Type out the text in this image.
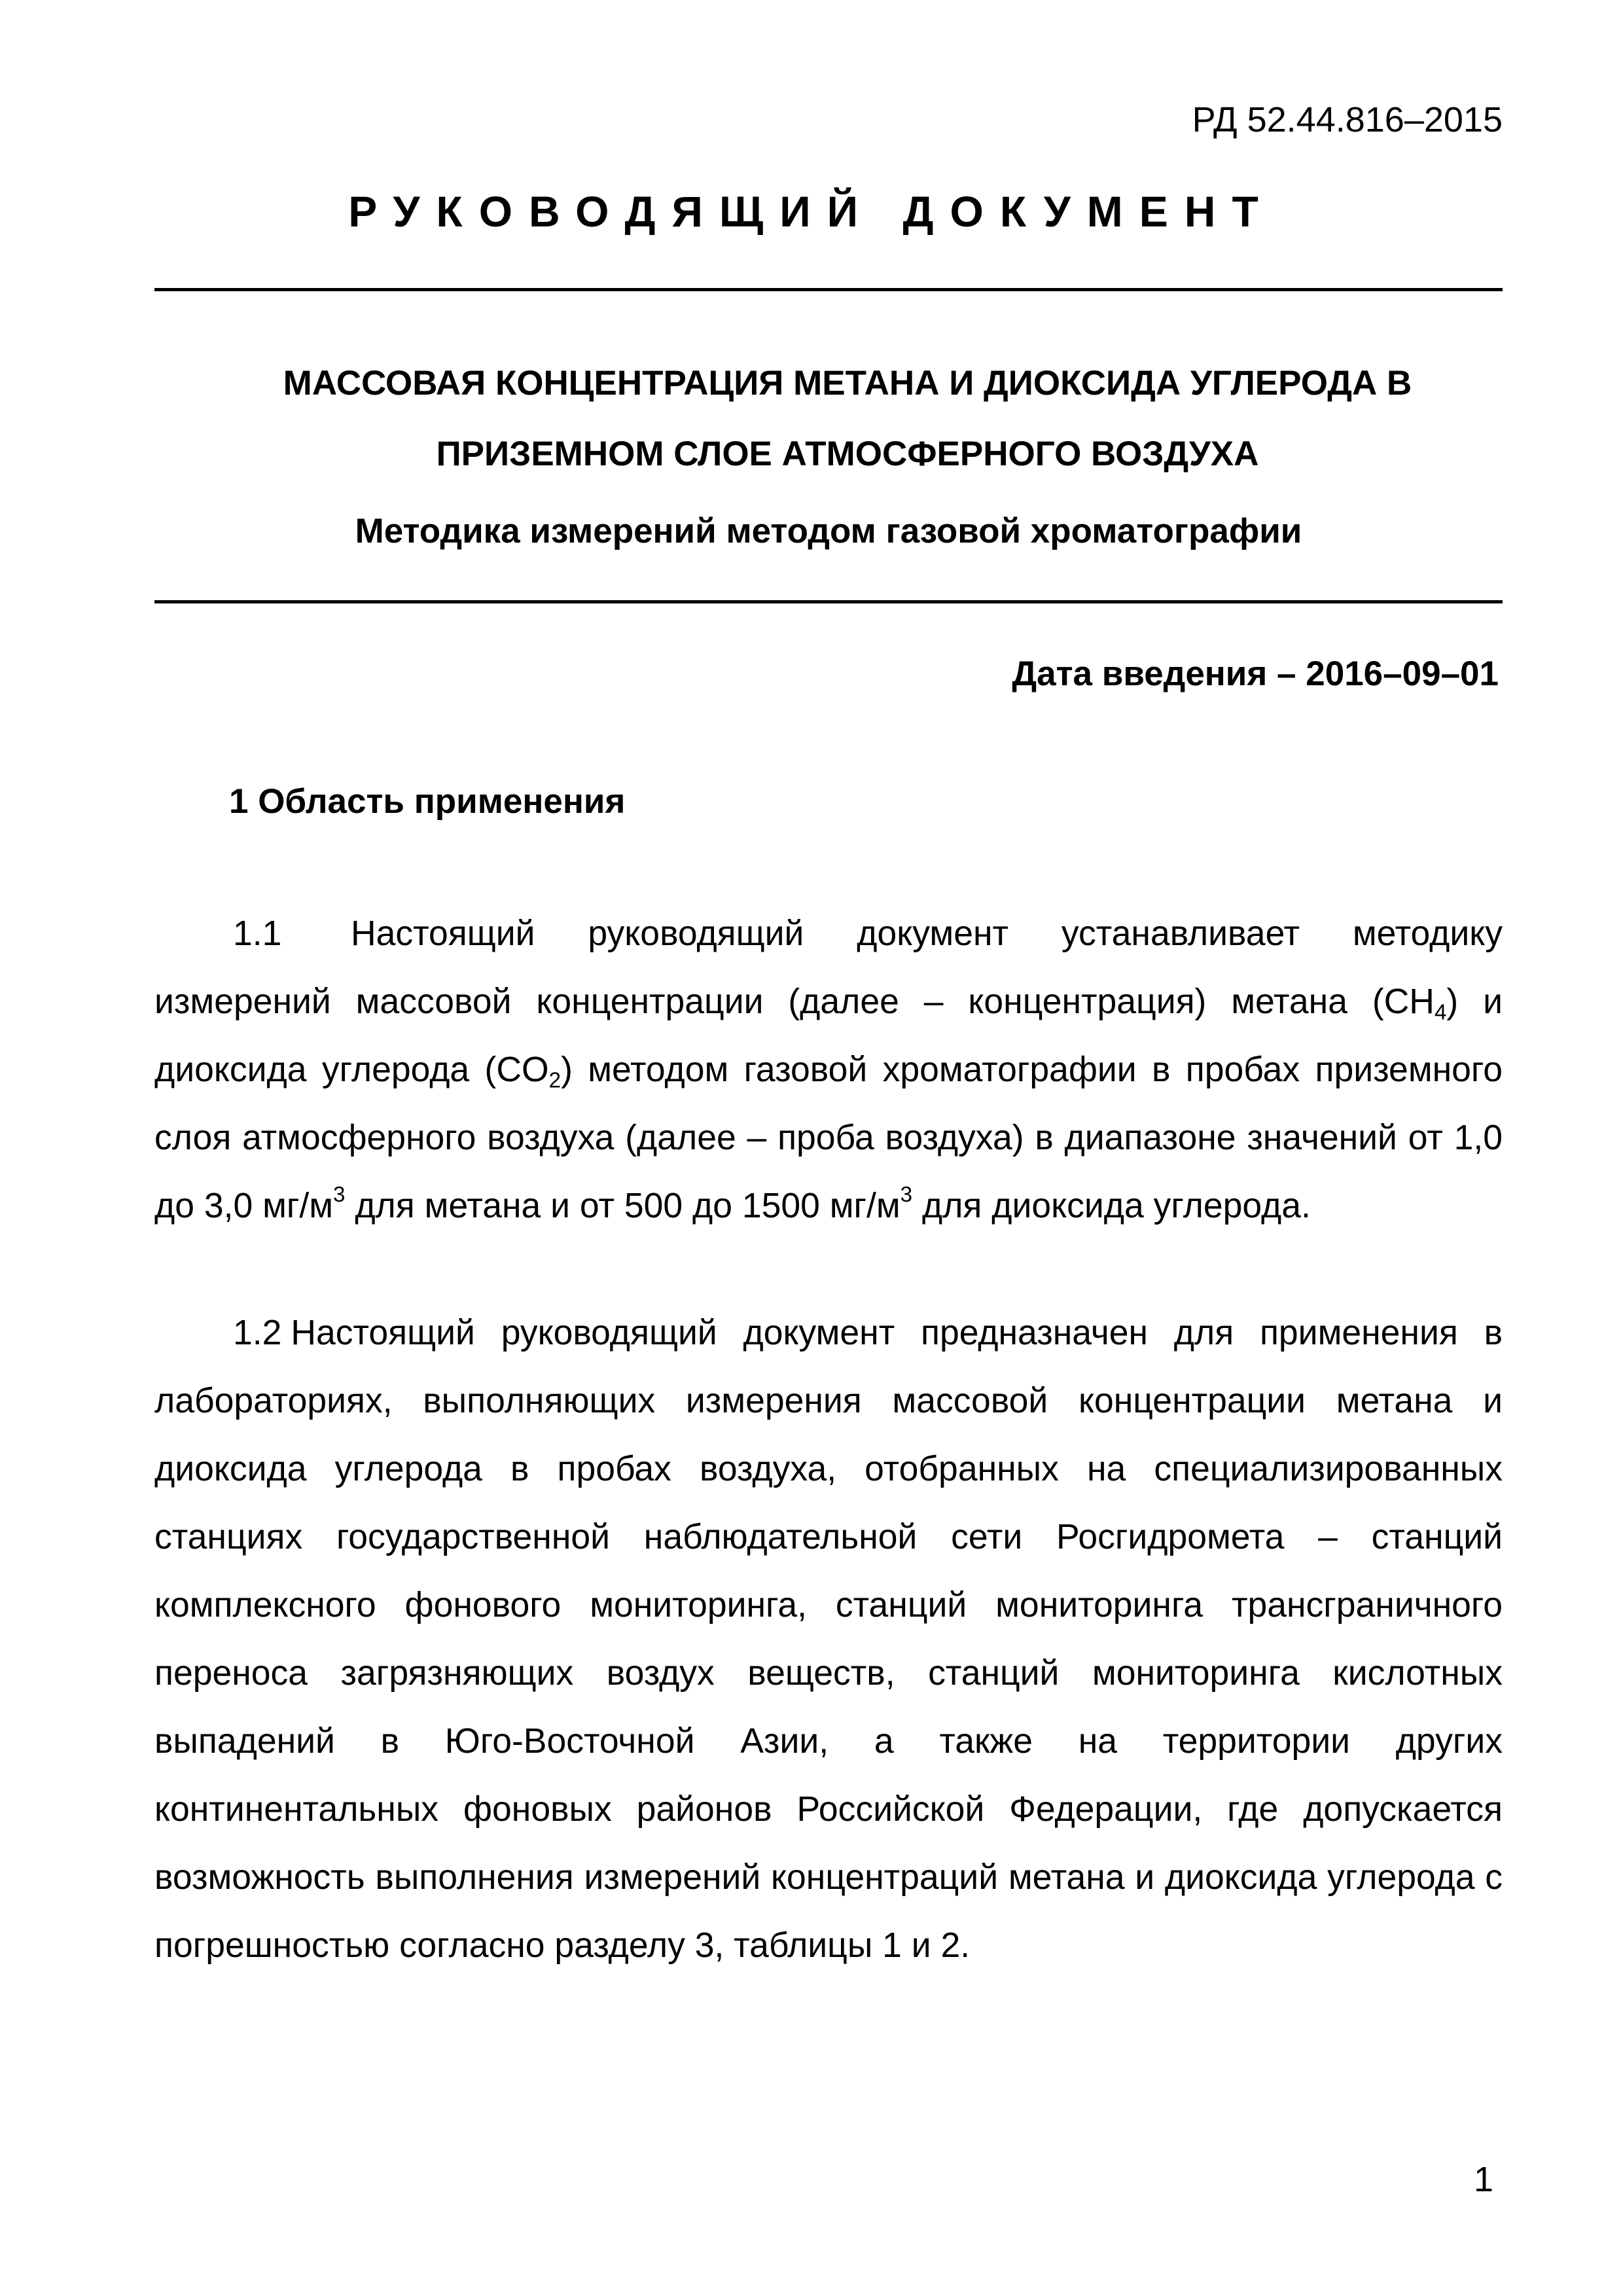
РД 52.44.816–2015
РУКОВОДЯЩИЙ ДОКУМЕНТ
МАССОВАЯ КОНЦЕНТРАЦИЯ МЕТАНА И ДИОКСИДА УГЛЕРОДА В
ПРИЗЕМНОМ СЛОЕ АТМОСФЕРНОГО ВОЗДУХА
Методика измерений методом газовой хроматографии
Дата введения – 2016–09–01
1 Область применения
1.1 Настоящий руководящий документ устанавливает методику измерений массовой концентрации (далее – концентрация) метана $(CH_4)$ и диоксида углерода $(CO_2)$ методом газовой хроматографии в пробах приземного слоя атмосферного воздуха (далее – проба воздуха) в диапазоне значений от 1,0 до 3,0 $мг/м^3$ для метана и от 500 до 1500 $мг/м^3$ для диоксида углерода.
1.2 Настоящий руководящий документ предназначен для применения в лабораториях, выполняющих измерения массовой концентрации метана и диоксида углерода в пробах воздуха, отобранных на специализированных станциях государственной наблюдательной сети Росгидромета – станций комплексного фонового мониторинга, станций мониторинга трансграничного переноса загрязняющих воздух веществ, станций мониторинга кислотных выпадений в Юго-Восточной Азии, а также на территории других континентальных фоновых районов Российской Федерации, где допускается возможность выполнения измерений концентраций метана и диоксида углерода с погрешностью согласно разделу 3, таблицы 1 и 2.
1
